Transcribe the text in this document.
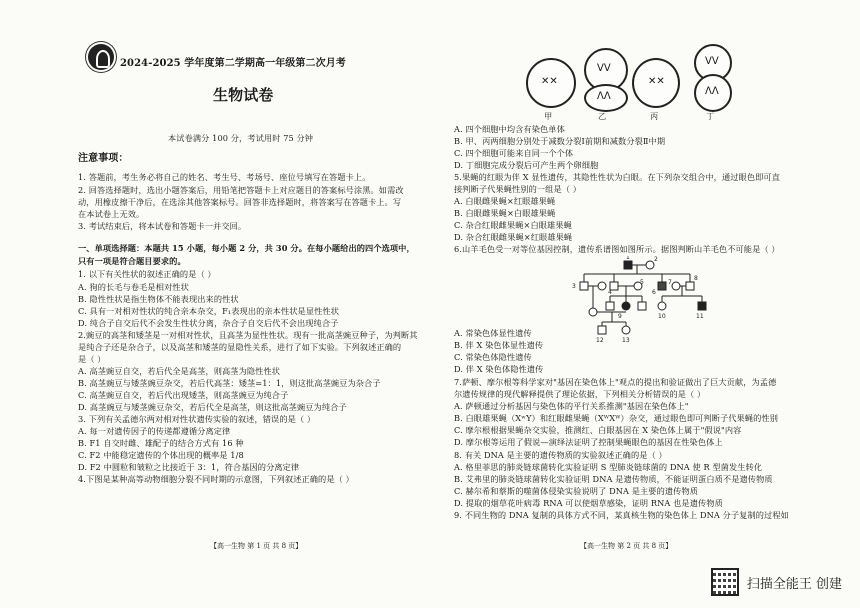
2024-2025 学年度第二学期高一年级第二次月考
生物试卷
本试卷满分 100 分，考试用时 75 分钟
注意事项：
1. 答题前，考生务必将自己的姓名、考生号、考场号、座位号填写在答题卡上。
2. 回答选择题时，选出小题答案后，用铅笔把答题卡上对应题目的答案标号涂黑。如需改
动，用橡皮擦干净后，在选涂其他答案标号。回答非选择题时，将答案写在答题卡上。写
在本试卷上无效。
3. 考试结束后，将本试卷和答题卡一并交回。
一、单项选择题：本题共 15 小题，每小题 2 分，共 30 分。在每小题给出的四个选项中，
只有一项是符合题目要求的。
1. 以下有关性状的叙述正确的是（ ）
A. 狗的长毛与卷毛是相对性状
B. 隐性性状是指生物体不能表现出来的性状
C. 具有一对相对性状的纯合亲本杂交，F₁表现出的亲本性状是显性性状
D. 纯合子自交后代不会发生性状分离，杂合子自交后代不会出现纯合子
2.豌豆的高茎和矮茎是一对相对性状，且高茎为显性性状。现有一批高茎豌豆种子，为判断其
是纯合子还是杂合子，以及高茎和矮茎的显隐性关系，进行了如下实验。下列叙述正确的
是（ ）
A. 高茎豌豆自交，若后代全是高茎，则高茎为隐性性状
B. 高茎豌豆与矮茎豌豆杂交，若后代高茎：矮茎=1：1，则这批高茎豌豆为杂合子
C. 高茎豌豆自交，若后代出现矮茎，则高茎豌豆为纯合子
D. 高茎豌豆与矮茎豌豆杂交，若后代全是高茎，则这批高茎豌豆为纯合子
3. 下列有关孟德尔两对相对性状遗传实验的叙述，错误的是（ ）
A. 每一对遗传因子的传递都遵循分离定律
B. F1 自交时雌、雄配子的结合方式有 16 种
C. F2 中能稳定遗传的个体出现的概率是 1/8
D. F2 中圆粒和皱粒之比接近于 3：1，符合基因的分离定律
4.下图是某种高等动物细胞分裂不同时期的示意图，下列叙述正确的是（ ）
【高一生物 第 1 页 共 8 页】
✕✕
ᐯᐯ
ᐱᐱ
✕✕
ᐯᐯ
ᐱᐱ
甲	乙	丙	丁
A. 四个细胞中均含有染色单体
B. 甲、丙两细胞分别处于减数分裂Ⅰ前期和减数分裂Ⅱ中期
C. 四个细胞可能来自同一个个体
D. 丁细胞完成分裂后可产生两个卵细胞
5.果蝇的红眼为伴 X 显性遗传，其隐性性状为白眼。在下列杂交组合中，通过眼色即可直
接判断子代果蝇性别的一组是（ ）
A. 白眼雌果蝇×红眼雄果蝇
B. 白眼雌果蝇×白眼雄果蝇
C. 杂合红眼雌果蝇×白眼雄果蝇
D. 杂合红眼雌果蝇×红眼雄果蝇
6.山羊毛色受一对等位基因控制，遗传系谱图如图所示。据图判断山羊毛色不可能是（ ）
1	2
3
4
5
6
7
8
9	10	11
12	13
A. 常染色体显性遗传
B. 伴 X 染色体显性遗传
C. 常染色体隐性遗传
D. 伴 X 染色体隐性遗传
7.萨顿、摩尔根等科学家对"基因在染色体上"观点的提出和验证做出了巨大贡献，为孟德
尔遗传规律的现代解释提供了理论依据，下列相关分析错误的是（ ）
A. 萨顿通过分析基因与染色体的平行关系推测"基因在染色体上"
B. 白眼雄果蝇（XʷY）和红眼雌果蝇（XᵂXᵂ）杂交，通过眼色即可判断子代果蝇的性别
C. 摩尔根根据果蝇杂交实验，推测红、白眼基因在 X 染色体上属于"假说"内容
D. 摩尔根等运用了假说—演绎法证明了控制果蝇眼色的基因在性染色体上
8. 有关 DNA 是主要的遗传物质的实验叙述正确的是（ ）
A. 格里菲思的肺炎链球菌转化实验证明 S 型肺炎链球菌的 DNA 使 R 型菌发生转化
B. 艾弗里的肺炎链球菌转化实验证明 DNA 是遗传物质，不能证明蛋白质不是遗传物质
C. 赫尔希和蔡斯的噬菌体侵染实验说明了 DNA 是主要的遗传物质
D. 提取的烟草花叶病毒 RNA 可以使烟草感染，证明 RNA 也是遗传物质
9. 不同生物的 DNA 复制的具体方式不同，某真核生物的染色体上 DNA 分子复制的过程如
【高一生物 第 2 页 共 8 页】
扫描全能王 创建
